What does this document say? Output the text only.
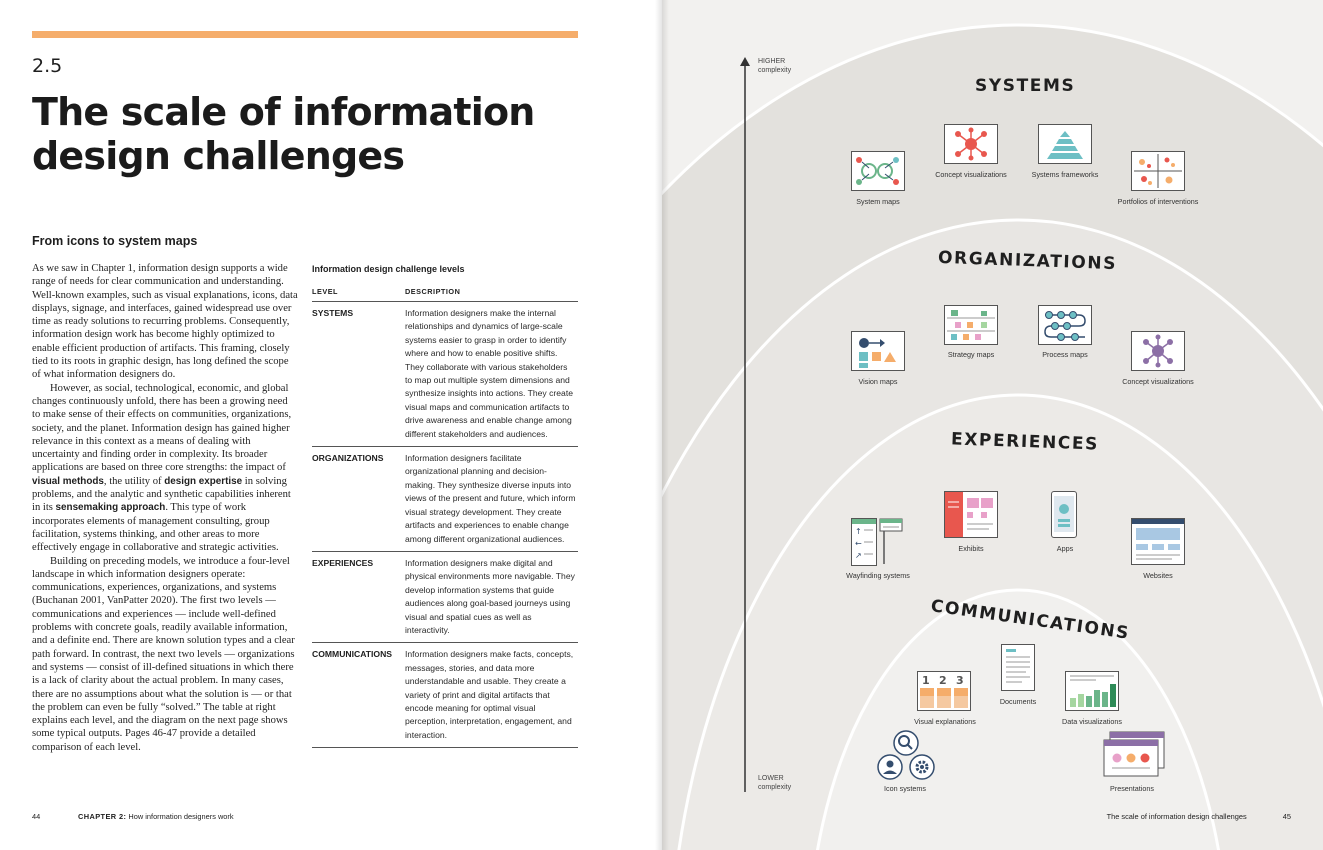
2.5
The scale of information
design challenges
From icons to system maps

As we saw in Chapter 1, information design supports a wide range of needs for clear communication and understanding. Well-known examples, such as visual explanations, icons, data displays, signage, and interfaces, gained widespread use over time as ready solutions to recurring problems. Consequently, information design work has become highly optimized to enable efficient production of artifacts. This framing, closely tied to its roots in graphic design, has long defined the scope of what information designers do.

However, as social, technological, economic, and global changes continuously unfold, there has been a growing need to make sense of their effects on communities, organizations, society, and the planet. Information design has gained higher relevance in this context as a means of dealing with uncertainty and finding order in complexity. Its broader applications are based on three core strengths: the impact of visual methods, the utility of design expertise in solving problems, and the analytic and synthetic capabilities inherent in its sensemaking approach. This type of work incorporates elements of management consulting, group facilitation, systems thinking, and other areas to more effectively engage in collaborative and strategic activities.

Building on preceding models, we introduce a four-level landscape in which information designers operate: communications, experiences, organizations, and systems (Buchanan 2001, VanPatter 2020). The first two levels — communications and experiences — include well-defined problems with concrete goals, readily available information, and a definite end. There are known solution types and a clear path forward. In contrast, the next two levels — organizations and systems — consist of ill-defined situations in which there is a lack of clarity about the actual problem. In many cases, there are no assumptions about what the solution is — or that the problem can even be fully “solved.” The table at right explains each level, and the diagram on the next page shows some typical outputs. Pages 46-47 provide a detailed comparison of each level.

Information design challenge levels
LEVEL	DESCRIPTION
SYSTEMS	Information designers make the internal relationships and dynamics of large-scale systems easier to grasp in order to identify where and how to enable positive shifts. They collaborate with various stakeholders to map out multiple system dimensions and synthesize insights into actions. They create visual maps and communication artifacts to drive awareness and enable change among different stakeholders and audiences.
ORGANIZATIONS	Information designers facilitate organizational planning and decision-making. They synthesize diverse inputs into views of the present and future, which inform visual strategy development. They create artifacts and experiences to enable change among different organizational audiences.
EXPERIENCES	Information designers make digital and physical environments more navigable. They develop information systems that guide audiences along goal-based journeys using visual and spatial cues as well as interactivity.
COMMUNICATIONS	Information designers make facts, concepts, messages, stories, and data more understandable and usable. They create a variety of print and digital artifacts that encode meaning for optimal visual perception, interpretation, engagement, and interaction.
44	CHAPTER 2: How information designers work
HIGHER
complexity
LOWER
complexity
SYSTEMS
ORGANIZATIONS
EXPERIENCES
COMMUNICATIONS
System maps
Concept visualizations	Systems frameworks
Portfolios of interventions
Vision maps
Strategy maps	Process maps
Concept visualizations
↑
←
↗
Wayfinding systems
Exhibits	Apps
Websites
1 2 3
Visual explanations
Documents
Data visualizations
Icon systems	Presentations
The scale of information design challenges	45
